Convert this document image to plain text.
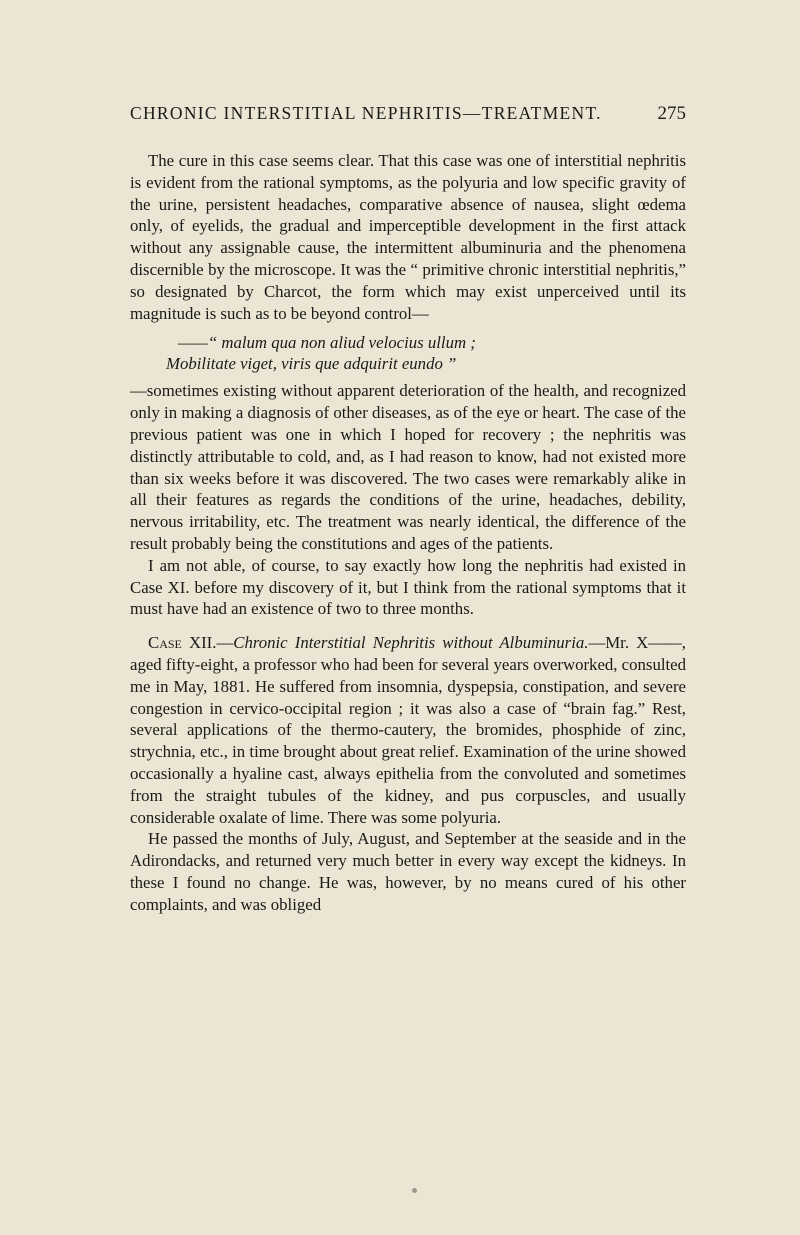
CHRONIC INTERSTITIAL NEPHRITIS—TREATMENT.	275

The cure in this case seems clear. That this case was one of interstitial nephritis is evident from the rational symptoms, as the polyuria and low specific gravity of the urine, persistent headaches, comparative absence of nausea, slight œdema only, of eyelids, the gradual and imperceptible development in the first attack without any assignable cause, the intermittent albuminuria and the phenomena discernible by the microscope. It was the “ primitive chronic interstitial nephritis,” so designated by Charcot, the form which may exist unperceived until its magnitude is such as to be beyond control—

——“ malum qua non aliud velocius ullum ;
Mobilitate viget, viris que adquirit eundo ”

—sometimes existing without apparent deterioration of the health, and recognized only in making a diagnosis of other diseases, as of the eye or heart. The case of the previous patient was one in which I hoped for recovery ; the nephritis was distinctly attributable to cold, and, as I had reason to know, had not existed more than six weeks before it was discovered. The two cases were remarkably alike in all their features as regards the conditions of the urine, headaches, debility, nervous irritability, etc. The treatment was nearly identical, the difference of the result probably being the constitutions and ages of the patients.

I am not able, of course, to say exactly how long the nephritis had existed in Case XI. before my discovery of it, but I think from the rational symptoms that it must have had an existence of two to three months.

Case XII.—Chronic Interstitial Nephritis without Albuminuria.—Mr. X——, aged fifty-eight, a professor who had been for several years overworked, consulted me in May, 1881. He suffered from insomnia, dyspepsia, constipation, and severe congestion in cervico-occipital region ; it was also a case of “brain fag.” Rest, several applications of the thermo-cautery, the bromides, phosphide of zinc, strychnia, etc., in time brought about great relief. Examination of the urine showed occasionally a hyaline cast, always epithelia from the convoluted and sometimes from the straight tubules of the kidney, and pus corpuscles, and usually considerable oxalate of lime. There was some polyuria.

He passed the months of July, August, and September at the seaside and in the Adirondacks, and returned very much better in every way except the kidneys. In these I found no change. He was, however, by no means cured of his other complaints, and was obliged
